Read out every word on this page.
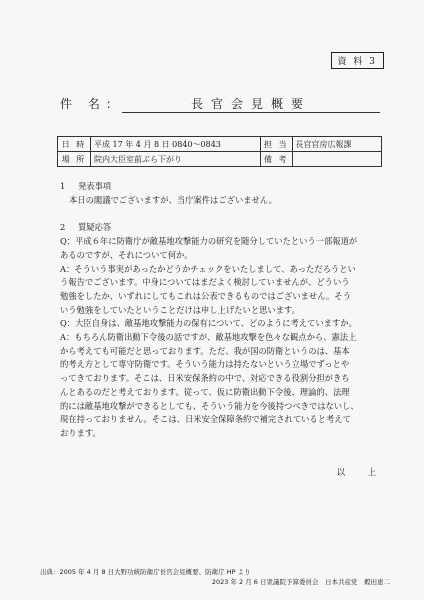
資 料 3
件 名：	長官会見概要
日 時	平成 17 年 4 月 8 日 0840～0843	担 当	長官官房広報課
場 所	院内大臣室前ぶら下がり	備 考	

1 発表事項

本日の閣議でございますが、当庁案件はございません。

2 質疑応答

Q：平成６年に防衛庁が敵基地攻撃能力の研究を随分していたという一部報道が

あるのですが、それについて何か。

A：そういう事実があったかどうかチェックをいたしまして、あっただろうとい

う報告でございます。中身についてはまだよく検討していませんが、どういう

勉強をしたか、いずれにしてもこれは公表できるものではございません。そう

いう勉強をしていたということだけは申し上げたいと思います。

Q：大臣自身は、敵基地攻撃能力の保有について、どのように考えていますか。

A：もちろん防衛出動下令後の話ですが、敵基地攻撃を色々な観点から、憲法上

から考えても可能だと思っております。ただ、我が国の防衛というのは、基本

的考え方として専守防衛です。そういう能力は持たないという立場でずっとや

ってきております。そこは、日米安保条約の中で、対応できる役割分担がきち

んとあるのだと考えております。従って、仮に防衛出動下令後、理論的、法理

的には敵基地攻撃ができるとしても、そういう能力を今後持つべきではないし、

現在持っておりません。そこは、日米安全保障条約で補完されていると考えて

おります。

以 上
出典：2005 年 4 月 8 日大野功統防衛庁長官会見概要、防衛庁 HP より
2023 年 2 月 6 日衆議院予算委員会　日本共産党　穀田恵二
